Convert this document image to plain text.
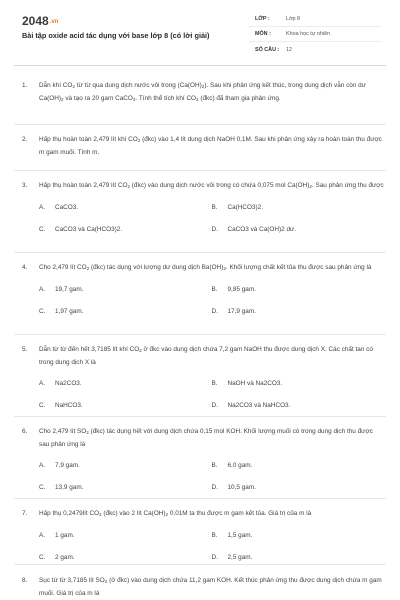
2048.vn
Bài tập oxide acid tác dụng với base lớp 8 (có lời giải)
LỚP :	Lớp 8
MÔN :	Khoa học tự nhiên
SỐ CÂU :	12
1. Dẫn khí $CO_2$ từ từ qua dung dịch nước vôi trong $(Ca(OH)_2)$. Sau khi phản ứng kết thúc, trong dung dịch vẫn còn dư $Ca(OH)_2$ và tạo ra 20 gam CaCO$_3$. Tính thể tích khí $CO_2$ (đkc) đã tham gia phản ứng.
2. Hấp thụ hoàn toàn 2,479 lít khí $CO_2$ (đkc) vào 1,4 lít dung dịch NaOH 0,1M. Sau khi phản ứng xảy ra hoàn toàn thu được m gam muối. Tính m.
3. Hấp thụ hoàn toàn 2,479 lít $CO_2$ (đkc) vào dung dịch nước vôi trong có chứa 0,075 mol $Ca(OH)_2$. Sau phản ứng thu được
A.	CaCO3.	B.	Ca(HCO3)2.
C.	CaCO3 và Ca(HCO3)2.	D.	CaCO3 và Ca(OH)2 dư.
4. Cho 2,479 lít $CO_2$ (đkc) tác dụng với lượng dư dung dịch $Ba(OH)_2$. Khối lượng chất kết tủa thu được sau phản ứng là
A.	19,7 gam.	B.	9,85 gam.
C.	1,97 gam.	D.	17,9 gam.
5. Dẫn từ từ đến hết 3,7185 lít khí $CO_2$ ở đkc vào dung dịch chứa 7,2 gam NaOH thu được dung dịch X. Các chất tan có trong dung dịch X là
A.	Na2CO3.	B.	NaOH và Na2CO3.
C.	NaHCO3.	D.	Na2CO3 và NaHCO3.
6. Cho 2,479 lít $SO_2$ (đkc) tác dụng hết với dung dịch chứa 0,15 mol KOH. Khối lượng muối có trong dung dịch thu được sau phản ứng là
A.	7,9 gam.	B.	6,0 gam.
C.	13,9 gam.	D.	10,5 gam.
7. Hấp thụ 0,2479lít $CO_2$ (đkc) vào 2 lít $Ca(OH)_2$ 0,01M ta thu được m gam kết tủa. Giá trị của m là
A.	1 gam.	B.	1,5 gam.
C.	2 gam.	D.	2,5 gam.
8. Sục từ từ 3,7185 lít $SO_2$ (ở đkc) vào dung dịch chứa 11,2 gam KOH. Kết thúc phản ứng thu được dung dịch chứa m gam muối. Giá trị của m là
